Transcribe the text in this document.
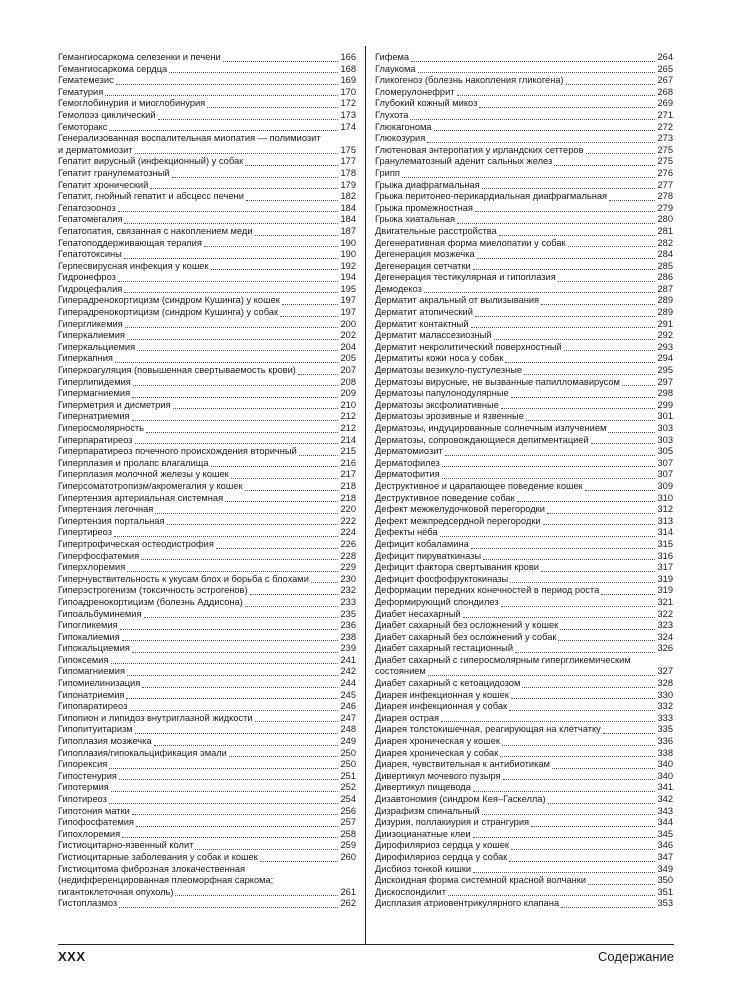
Гемангиосаркома селезенки и печени	166
Гемангиосаркома сердца	168
Гематемезис	169
Гематурия	170
Гемоглобинурия и миоглобинурия	172
Гемолоэз циклический	173
Гемоторакс	174
Генерализованная воспалительная миопатия — полимиозит
и дерматомиозит	175
Гепатит вирусный (инфекционный) у собак	177
Гепатит гранулематозный	178
Гепатит хронический	179
Гепатит, гнойный гепатит и абсцесс печени	182
Гепатозооноз	184
Гепатомегалия	184
Гепатопатия, связанная с накоплением меди	187
Гепатоподдерживающая терапия	190
Гепатотоксины	190
Герпесвирусная инфекция у кошек	192
Гидронефроз	194
Гидроцефалия	195
Гиперадренокортицизм (синдром Кушинга) у кошек	197
Гиперадренокортицизм (синдром Кушинга) у собак	197
Гипергликемия	200
Гиперкалиемия	202
Гиперкальциемия	204
Гиперкапния	205
Гиперкоагуляция (повышенная свертываемость крови)	207
Гиперлипидемия	208
Гипермагниемия	209
Гиперметрия и дисметрия	210
Гипернатриемия	212
Гиперосмолярность	212
Гиперпаратиреоз	214
Гиперпаратиреоз почечного происхождения вторичный	215
Гиперплазия и пролапс влагалища	216
Гиперплазия молочной железы у кошек	217
Гиперсоматотропизм/акромегалия у кошек	218
Гипертензия артериальная системная	218
Гипертензия легочная	220
Гипертензия портальная	222
Гипертиреоз	224
Гипертрофическая остеодистрофия	226
Гиперфосфатемия	228
Гиперхлоремия	229
Гиперчувствительность к укусам блох и борьба с блохами	230
Гиперэстрогенизм (токсичность эстрогенов)	232
Гипоадренокортицизм (болезнь Аддисона)	233
Гипоальбуминемия	235
Гипогликемия	236
Гипокалиемия	238
Гипокальциемия	239
Гипоксемия	241
Гипомагниемия	242
Гипомиелинизация	244
Гипонатриемия	245
Гипопаратиреоз	246
Гипопион и липидоз внутриглазной жидкости	247
Гипопитуитаризм	248
Гипоплазия мозжечка	249
Гипоплазия/гипокальцификация эмали	250
Гипорексия	250
Гипостенурия	251
Гипотермия	252
Гипотиреоз	254
Гипотония матки	256
Гипофосфатемия	257
Гипохлоремия	258
Гистиоцитарно-язвенный колит	259
Гистиоцитарные заболевания у собак и кошек	260
Гистиоцитома фиброзная злокачественная
(недифференцированная плеоморфная саркома;
гигантоклеточная опухоль)	261
Гистоплазмоз	262
Гифема	264
Глаукома	265
Гликогеноз (болезнь накопления гликогена)	267
Гломерулонефрит	268
Глубокий кожный микоз	269
Глухота	271
Глюкагонома	272
Глюкозурия	273
Глютеновая энтеропатия у ирландских сеттеров	275
Гранулематозный аденит сальных желез	275
Грипп	276
Грыжа диафрагмальная	277
Грыжа перитонео-перикардиальная диафрагмальная	278
Грыжа промежностная	279
Грыжа хиатальная	280
Двигательные расстройства	281
Дегенеративная форма миелопатии у собак	282
Дегенерация мозжечка	284
Дегенерация сетчатки	285
Дегенерация тестикулярная и гипоплазия	286
Демодекоз	287
Дерматит акральный от вылизывания	289
Дерматит атопический	289
Дерматит контактный	291
Дерматит малассезиозный	292
Дерматит некролитический поверхностный	293
Дерматиты кожи носа у собак	294
Дерматозы везикуло-пустулезные	295
Дерматозы вирусные, не вызванные папилломавирусом	297
Дерматозы папулонодулярные	298
Дерматозы эксфолиативные	299
Дерматозы эрозивные и язвенные	301
Дерматозы, индуцированные солнечным излучением	303
Дерматозы, сопровождающиеся депигментацией	303
Дерматомиозит	305
Дерматофилез	307
Дерматофития	307
Деструктивное и царапающее поведение кошек	309
Деструктивное поведение собак	310
Дефект межжелудочковой перегородки	312
Дефект межпредсердной перегородки	313
Дефекты нёба	314
Дефицит кобаламина	315
Дефицит пируваткиназы	316
Дефицит фактора свертывания крови	317
Дефицит фосфофруктокиназы	319
Деформации передних конечностей в период роста	319
Деформирующий спондилез	321
Диабет несахарный	322
Диабет сахарный без осложнений у кошек	323
Диабет сахарный без осложнений у собак	324
Диабет сахарный гестационный	326
Диабет сахарный с гиперосмолярным гипергликемическим
состоянием	327
Диабет сахарный с кетоацидозом	328
Диарея инфекционная у кошек	330
Диарея инфекционная у собак	332
Диарея острая	333
Диарея толстокишечная, реагирующая на клетчатку	335
Диарея хроническая у кошек	336
Диарея хроническая у собак	338
Диарея, чувствительная к антибиотикам	340
Дивертикул мочевого пузыря	340
Дивертикул пищевода	341
Дизавтономия (синдром Кея–Гаскелла)	342
Дизрафизм спинальный	343
Дизурия, поллакиурия и странгурия	344
Диизоцианатные клеи	345
Дирофиляриоз сердца у кошек	346
Дирофиляриоз сердца у собак	347
Дисбиоз тонкой кишки	349
Дискоидная форма системной красной волчанки	350
Дискоспондилит	351
Дисплазия атриовентрикулярного клапана	353
XXX	Содержание
